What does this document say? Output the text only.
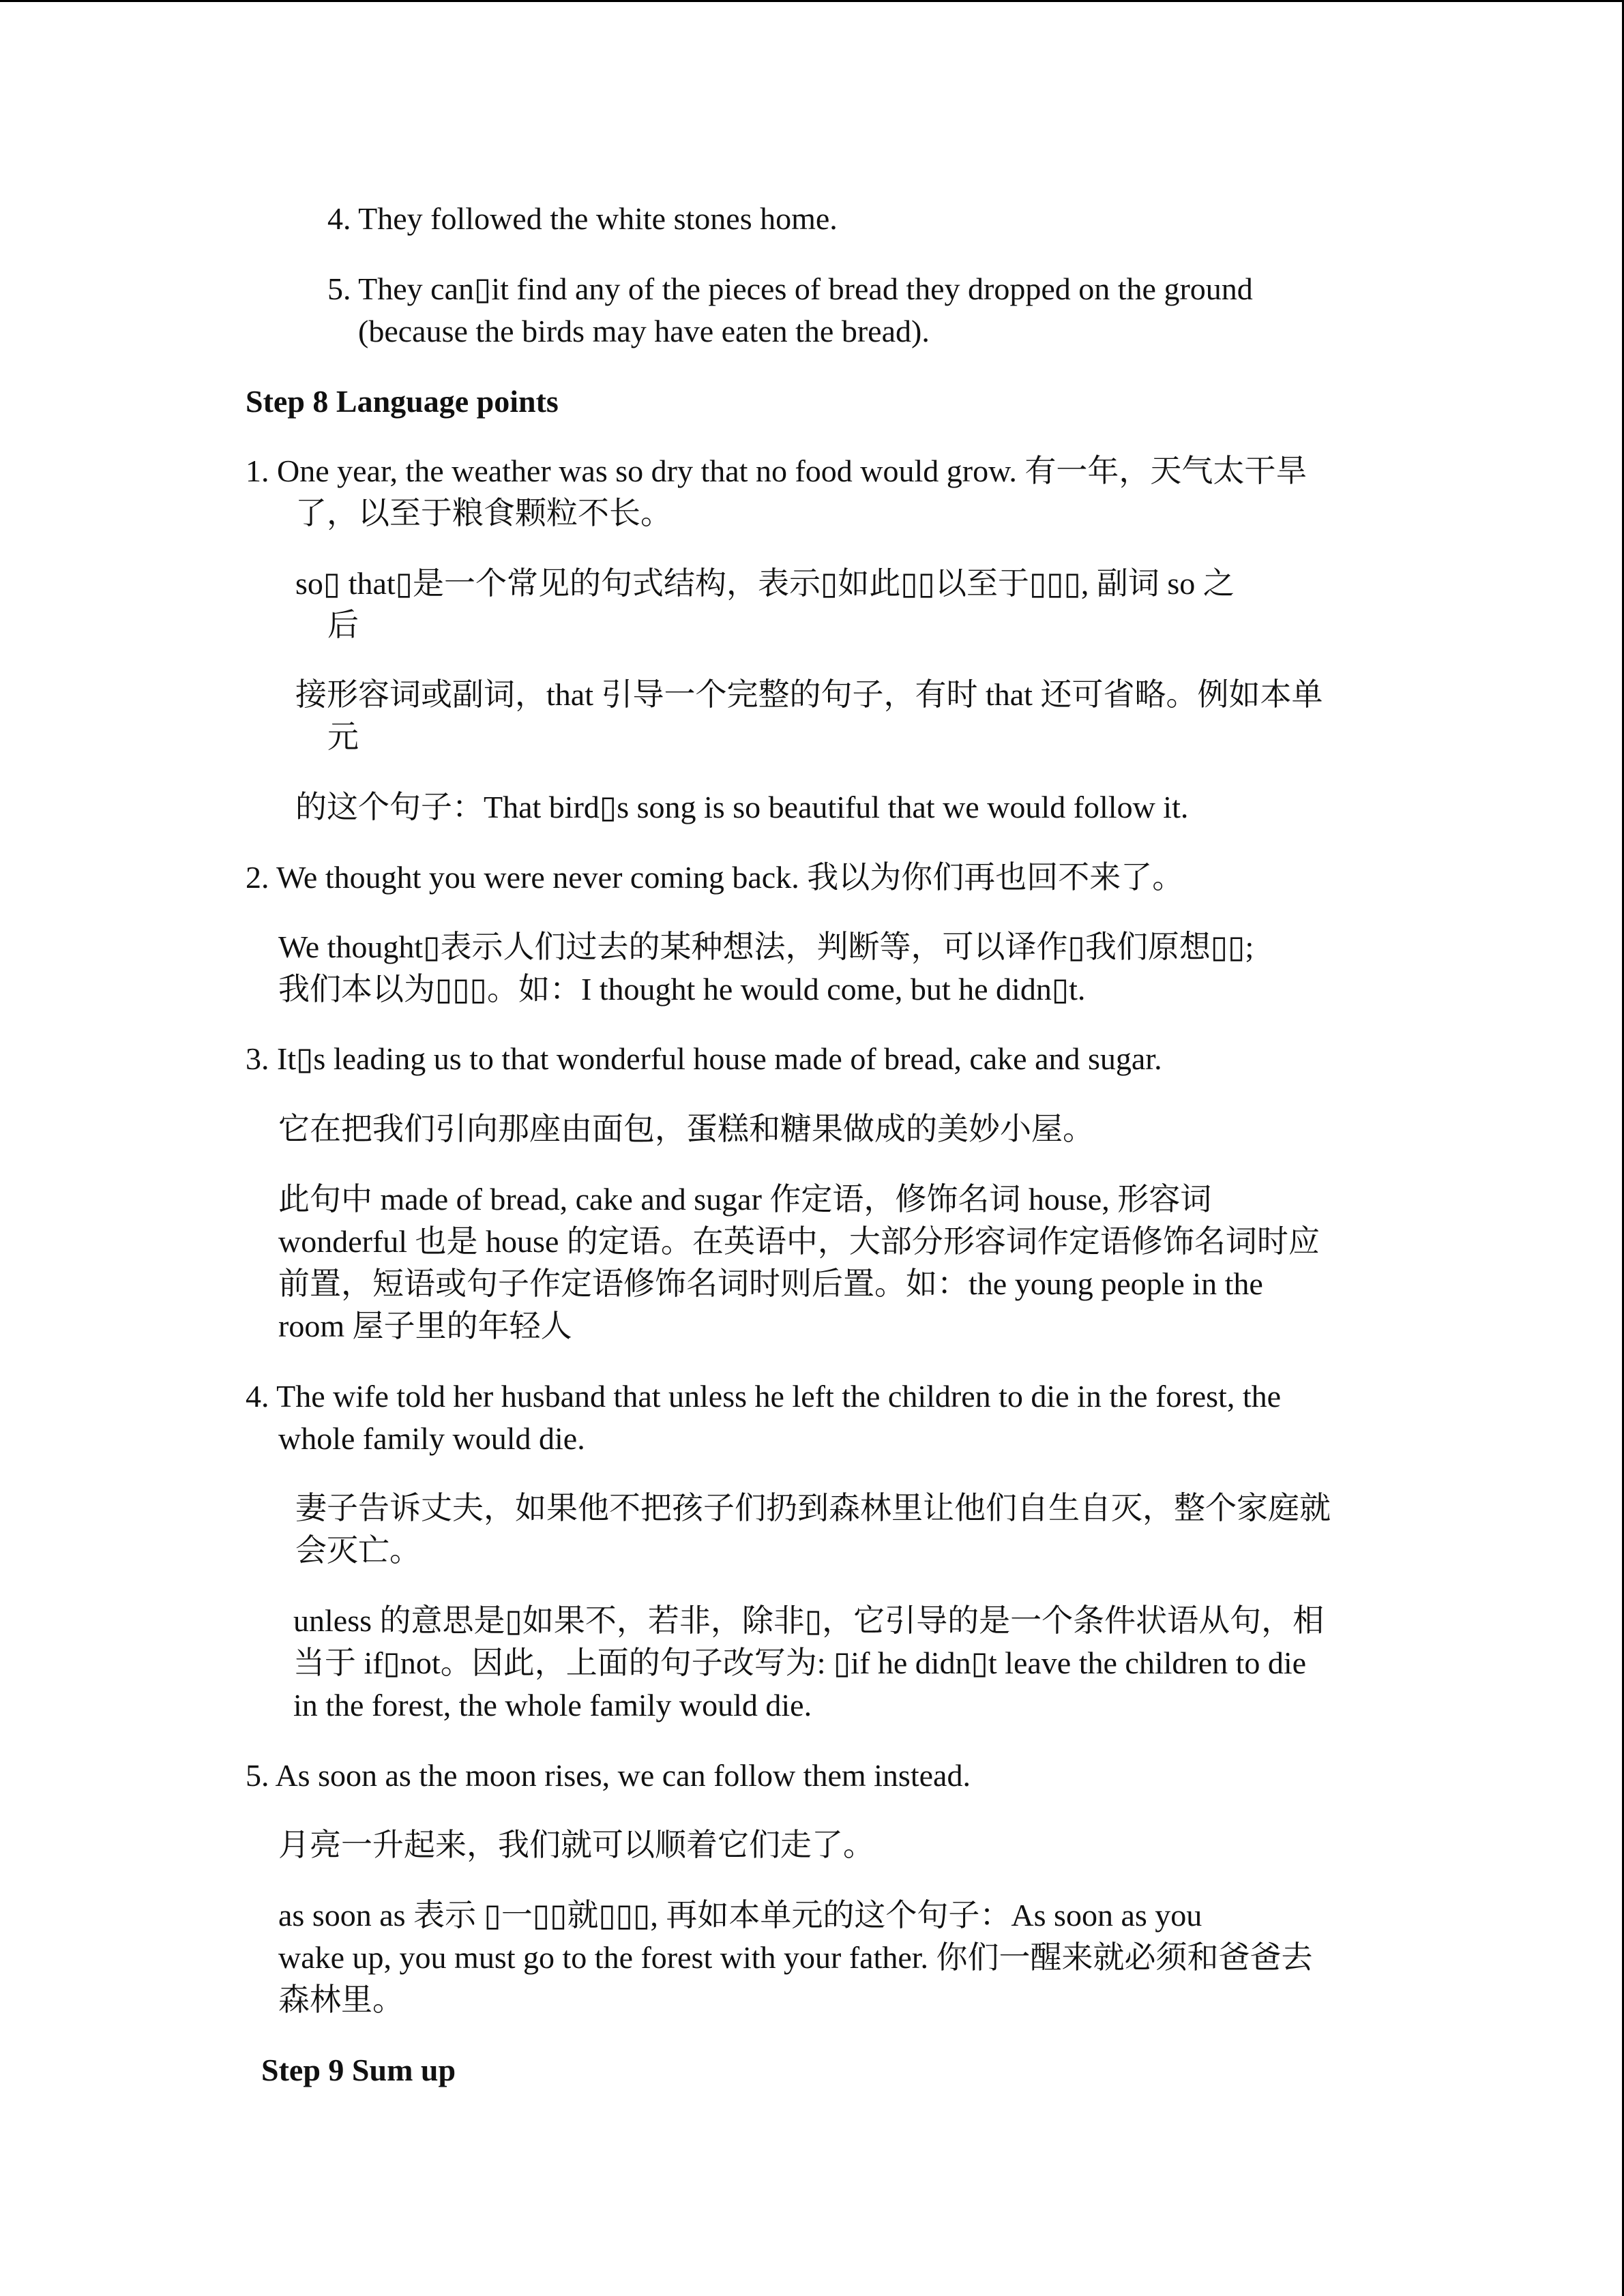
4. They followed the white stones home.
5. They can▯it find any of the pieces of bread they dropped on the ground
(because the birds may have eaten the bread).
Step 8 Language points
1. One year, the weather was so dry that no food would grow. 有一年，天气太干旱
了，以至于粮食颗粒不长。
so▯ that▯是一个常见的句式结构，表示▯如此▯▯以至于▯▯▯, 副词 so 之
后
接形容词或副词，that 引导一个完整的句子，有时 that 还可省略。例如本单
元
的这个句子：That bird▯s song is so beautiful that we would follow it.
2. We thought you were never coming back. 我以为你们再也回不来了。
We thought▯表示人们过去的某种想法，判断等，可以译作▯我们原想▯▯;
我们本以为▯▯▯。如：I thought he would come, but he didn▯t.
3. It▯s leading us to that wonderful house made of bread, cake and sugar.
它在把我们引向那座由面包，蛋糕和糖果做成的美妙小屋。
此句中 made of bread, cake and sugar 作定语，修饰名词 house, 形容词
wonderful 也是 house 的定语。在英语中，大部分形容词作定语修饰名词时应
前置，短语或句子作定语修饰名词时则后置。如：the young people in the
room 屋子里的年轻人
4. The wife told her husband that unless he left the children to die in the forest, the
whole family would die.
妻子告诉丈夫，如果他不把孩子们扔到森林里让他们自生自灭，整个家庭就
会灭亡。
unless 的意思是▯如果不，若非，除非▯，它引导的是一个条件状语从句，相
当于 if▯not。因此，上面的句子改写为: ▯if he didn▯t leave the children to die
in the forest, the whole family would die.
5. As soon as the moon rises, we can follow them instead.
月亮一升起来，我们就可以顺着它们走了。
as soon as 表示 ▯一▯▯就▯▯▯, 再如本单元的这个句子：As soon as you
wake up, you must go to the forest with your father. 你们一醒来就必须和爸爸去
森林里。
Step 9 Sum up
